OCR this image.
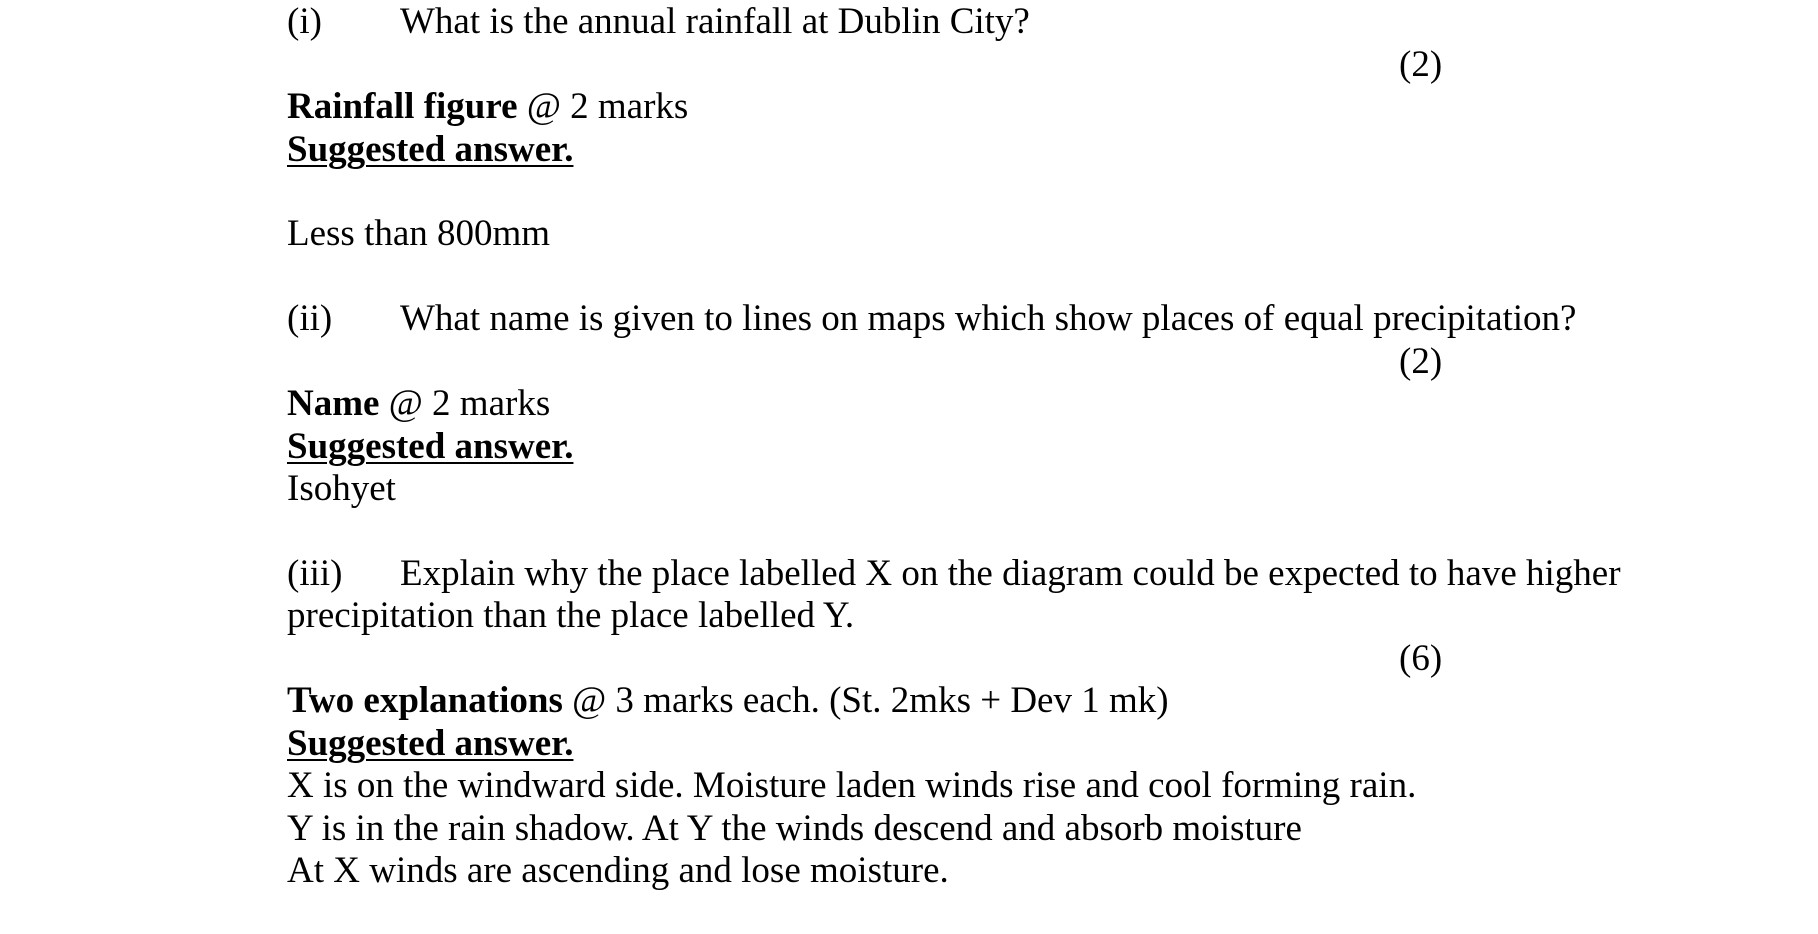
(i) What is the annual rainfall at Dublin City?
(2)
Rainfall figure @ 2 marks
Suggested answer.
Less than 800mm
(ii) What name is given to lines on maps which show places of equal precipitation?
(2)
Name @ 2 marks
Suggested answer.
Isohyet
(iii) Explain why the place labelled X on the diagram could be expected to have higher
precipitation than the place labelled Y.
(6)
Two explanations @ 3 marks each. (St. 2mks + Dev 1 mk)
Suggested answer.
X is on the windward side. Moisture laden winds rise and cool forming rain.
Y is in the rain shadow. At Y the winds descend and absorb moisture
At X winds are ascending and lose moisture.
